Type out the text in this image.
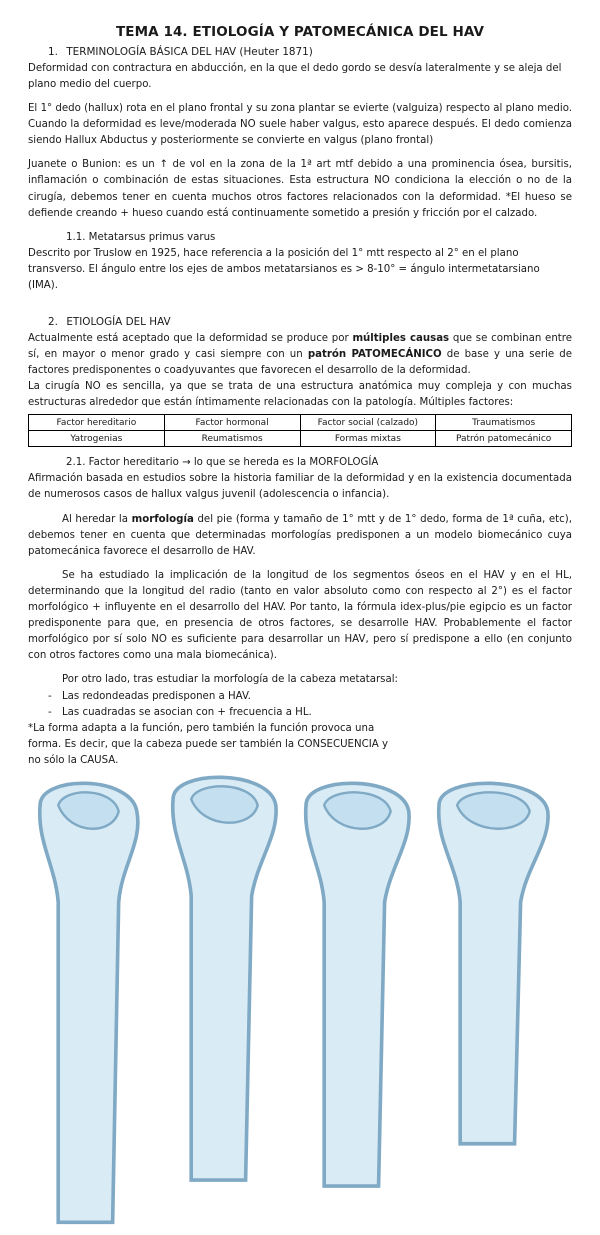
TEMA 14. ETIOLOGÍA Y PATOMECÁNICA DEL HAV
1. TERMINOLOGÍA BÁSICA DEL HAV (Heuter 1871)

Deformidad con contractura en abducción, en la que el dedo gordo se desvía lateralmente y se aleja del plano medio del cuerpo.

El 1° dedo (hallux) rota en el plano frontal y su zona plantar se evierte (valguiza) respecto al plano medio. Cuando la deformidad es leve/moderada NO suele haber valgus, esto aparece después. El dedo comienza siendo Hallux Abductus y posteriormente se convierte en valgus (plano frontal)

Juanete o Bunion: es un ↑ de vol en la zona de la 1ª art mtf debido a una prominencia ósea, bursitis, inflamación o combinación de estas situaciones. Esta estructura NO condiciona la elección o no de la cirugía, debemos tener en cuenta muchos otros factores relacionados con la deformidad. *El hueso se defiende creando + hueso cuando está continuamente sometido a presión y fricción por el calzado.

1.1. Metatarsus primus varus

Descrito por Truslow en 1925, hace referencia a la posición del 1° mtt respecto al 2° en el plano transverso. El ángulo entre los ejes de ambos metatarsianos es > 8-10° = ángulo intermetatarsiano (IMA).

2. ETIOLOGÍA DEL HAV

Actualmente está aceptado que la deformidad se produce por múltiples causas que se combinan entre sí, en mayor o menor grado y casi siempre con un patrón PATOMECÁNICO de base y una serie de factores predisponentes o coadyuvantes que favorecen el desarrollo de la deformidad.

La cirugía NO es sencilla, ya que se trata de una estructura anatómica muy compleja y con muchas estructuras alrededor que están íntimamente relacionadas con la patología. Múltiples factores:

Factor hereditario	Factor hormonal	Factor social (calzado)	Traumatismos
Yatrogenias	Reumatismos	Formas mixtas	Patrón patomecánico

2.1. Factor hereditario → lo que se hereda es la MORFOLOGÍA

Afirmación basada en estudios sobre la historia familiar de la deformidad y en la existencia documentada de numerosos casos de hallux valgus juvenil (adolescencia o infancia).

Al heredar la morfología del pie (forma y tamaño de 1° mtt y de 1° dedo, forma de 1ª cuña, etc), debemos tener en cuenta que determinadas morfologías predisponen a un modelo biomecánico cuya patomecánica favorece el desarrollo de HAV.

Se ha estudiado la implicación de la longitud de los segmentos óseos en el HAV y en el HL, determinando que la longitud del radio (tanto en valor absoluto como con respecto al 2°) es el factor morfológico + influyente en el desarrollo del HAV. Por tanto, la fórmula idex-plus/pie egipcio es un factor predisponente para que, en presencia de otros factores, se desarrolle HAV. Probablemente el factor morfológico por sí solo NO es suficiente para desarrollar un HAV, pero sí predispone a ello (en conjunto con otros factores como una mala biomecánica).

Por otro lado, tras estudiar la morfología de la cabeza metatarsal:

- Las redondeadas predisponen a HAV.
- Las cuadradas se asocian con + frecuencia a HL.

*La forma adapta a la función, pero también la función provoca una forma. Es decir, que la cabeza puede ser también la CONSECUENCIA y no sólo la CAUSA.
